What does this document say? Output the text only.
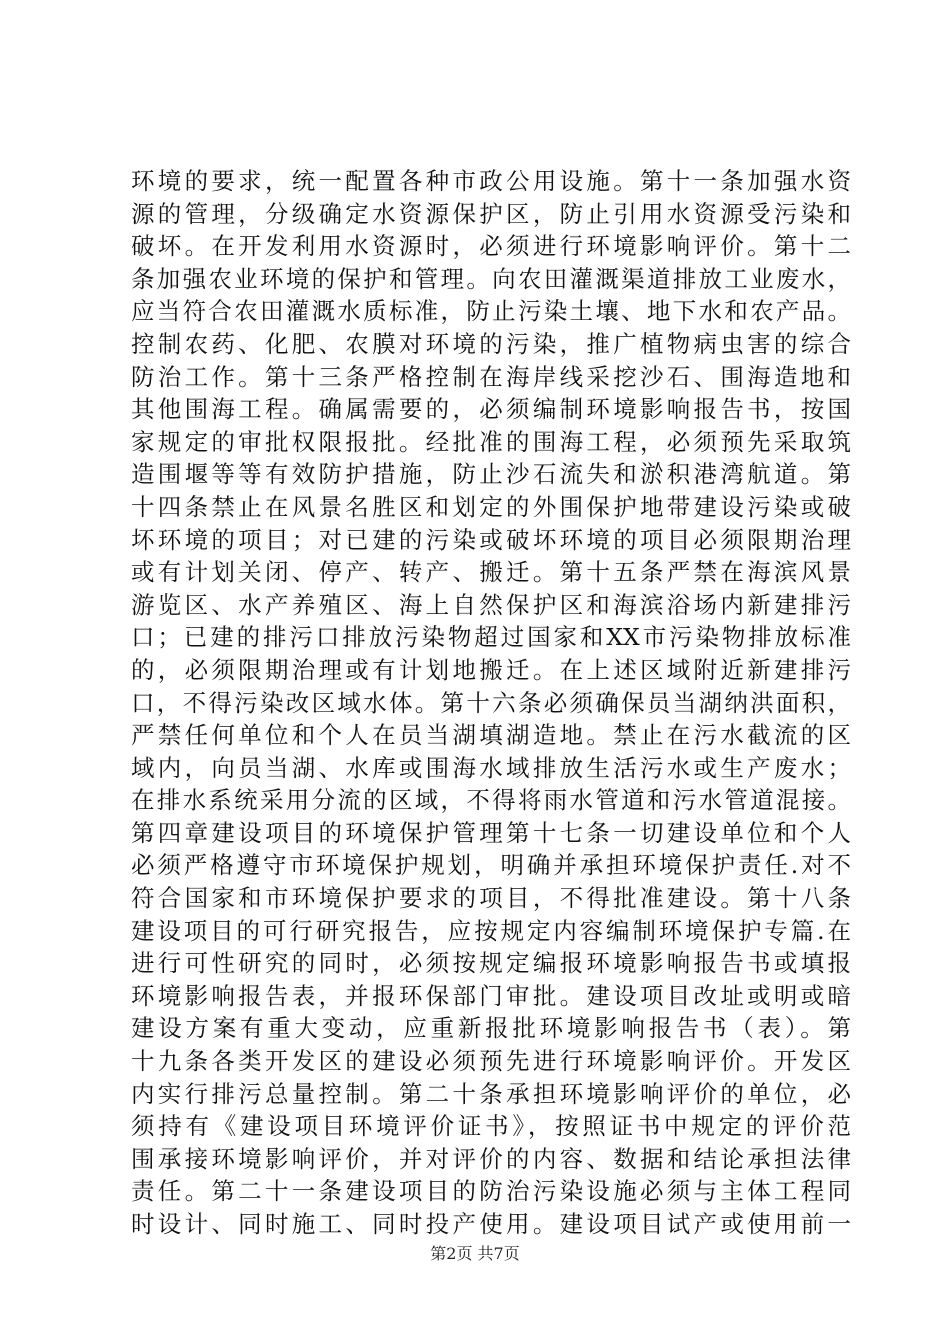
环境的要求，统一配置各种市政公用设施。第十一条加强水资
源的管理，分级确定水资源保护区，防止引用水资源受污染和
破坏。在开发利用水资源时，必须进行环境影响评价。第十二
条加强农业环境的保护和管理。向农田灌溉渠道排放工业废水，
应当符合农田灌溉水质标准，防止污染土壤、地下水和农产品。
控制农药、化肥、农膜对环境的污染，推广植物病虫害的综合
防治工作。第十三条严格控制在海岸线采挖沙石、围海造地和
其他围海工程。确属需要的，必须编制环境影响报告书，按国
家规定的审批权限报批。经批准的围海工程，必须预先采取筑
造围堰等等有效防护措施，防止沙石流失和淤积港湾航道。第
十四条禁止在风景名胜区和划定的外围保护地带建设污染或破
坏环境的项目；对已建的污染或破坏环境的项目必须限期治理
或有计划关闭、停产、转产、搬迁。第十五条严禁在海滨风景
游览区、水产养殖区、海上自然保护区和海滨浴场内新建排污
口；已建的排污口排放污染物超过国家和XX市污染物排放标准
的，必须限期治理或有计划地搬迁。在上述区域附近新建排污
口，不得污染改区域水体。第十六条必须确保员当湖纳洪面积，
严禁任何单位和个人在员当湖填湖造地。禁止在污水截流的区
域内，向员当湖、水库或围海水域排放生活污水或生产废水；
在排水系统采用分流的区域，不得将雨水管道和污水管道混接。
第四章建设项目的环境保护管理第十七条一切建设单位和个人
必须严格遵守市环境保护规划，明确并承担环境保护责任.对不
符合国家和市环境保护要求的项目，不得批准建设。第十八条
建设项目的可行研究报告，应按规定内容编制环境保护专篇.在
进行可性研究的同时，必须按规定编报环境影响报告书或填报
环境影响报告表，并报环保部门审批。建设项目改址或明或暗
建设方案有重大变动，应重新报批环境影响报告书（表）。第
十九条各类开发区的建设必须预先进行环境影响评价。开发区
内实行排污总量控制。第二十条承担环境影响评价的单位，必
须持有《建设项目环境评价证书》，按照证书中规定的评价范
围承接环境影响评价，并对评价的内容、数据和结论承担法律
责任。第二十一条建设项目的防治污染设施必须与主体工程同
时设计、同时施工、同时投产使用。建设项目试产或使用前一
第2页 共7页
